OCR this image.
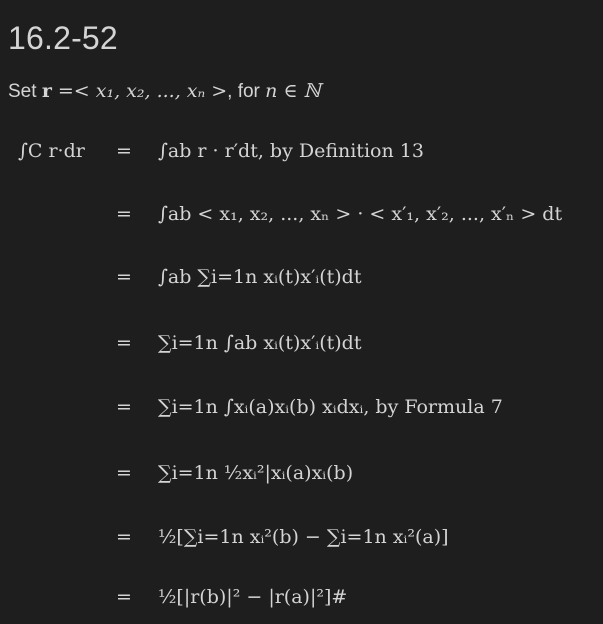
16.2-52
Set r =< x₁, x₂, ..., xₙ >, for n ∈ ℕ
∫C r·dr = ∫ab r · r′dt, by Definition 13
= ∫ab < x₁, x₂, ..., xₙ > · < x′₁, x′₂, ..., x′ₙ > dt
= ∫ab ∑i=1n xᵢ(t)x′ᵢ(t)dt
= ∑i=1n ∫ab xᵢ(t)x′ᵢ(t)dt
= ∑i=1n ∫xᵢ(a)xᵢ(b) xᵢdxᵢ, by Formula 7
= ∑i=1n ½xᵢ²|xᵢ(a)xᵢ(b)
= ½[∑i=1n xᵢ²(b) − ∑i=1n xᵢ²(a)]
= ½[|r(b)|² − |r(a)|²]#
